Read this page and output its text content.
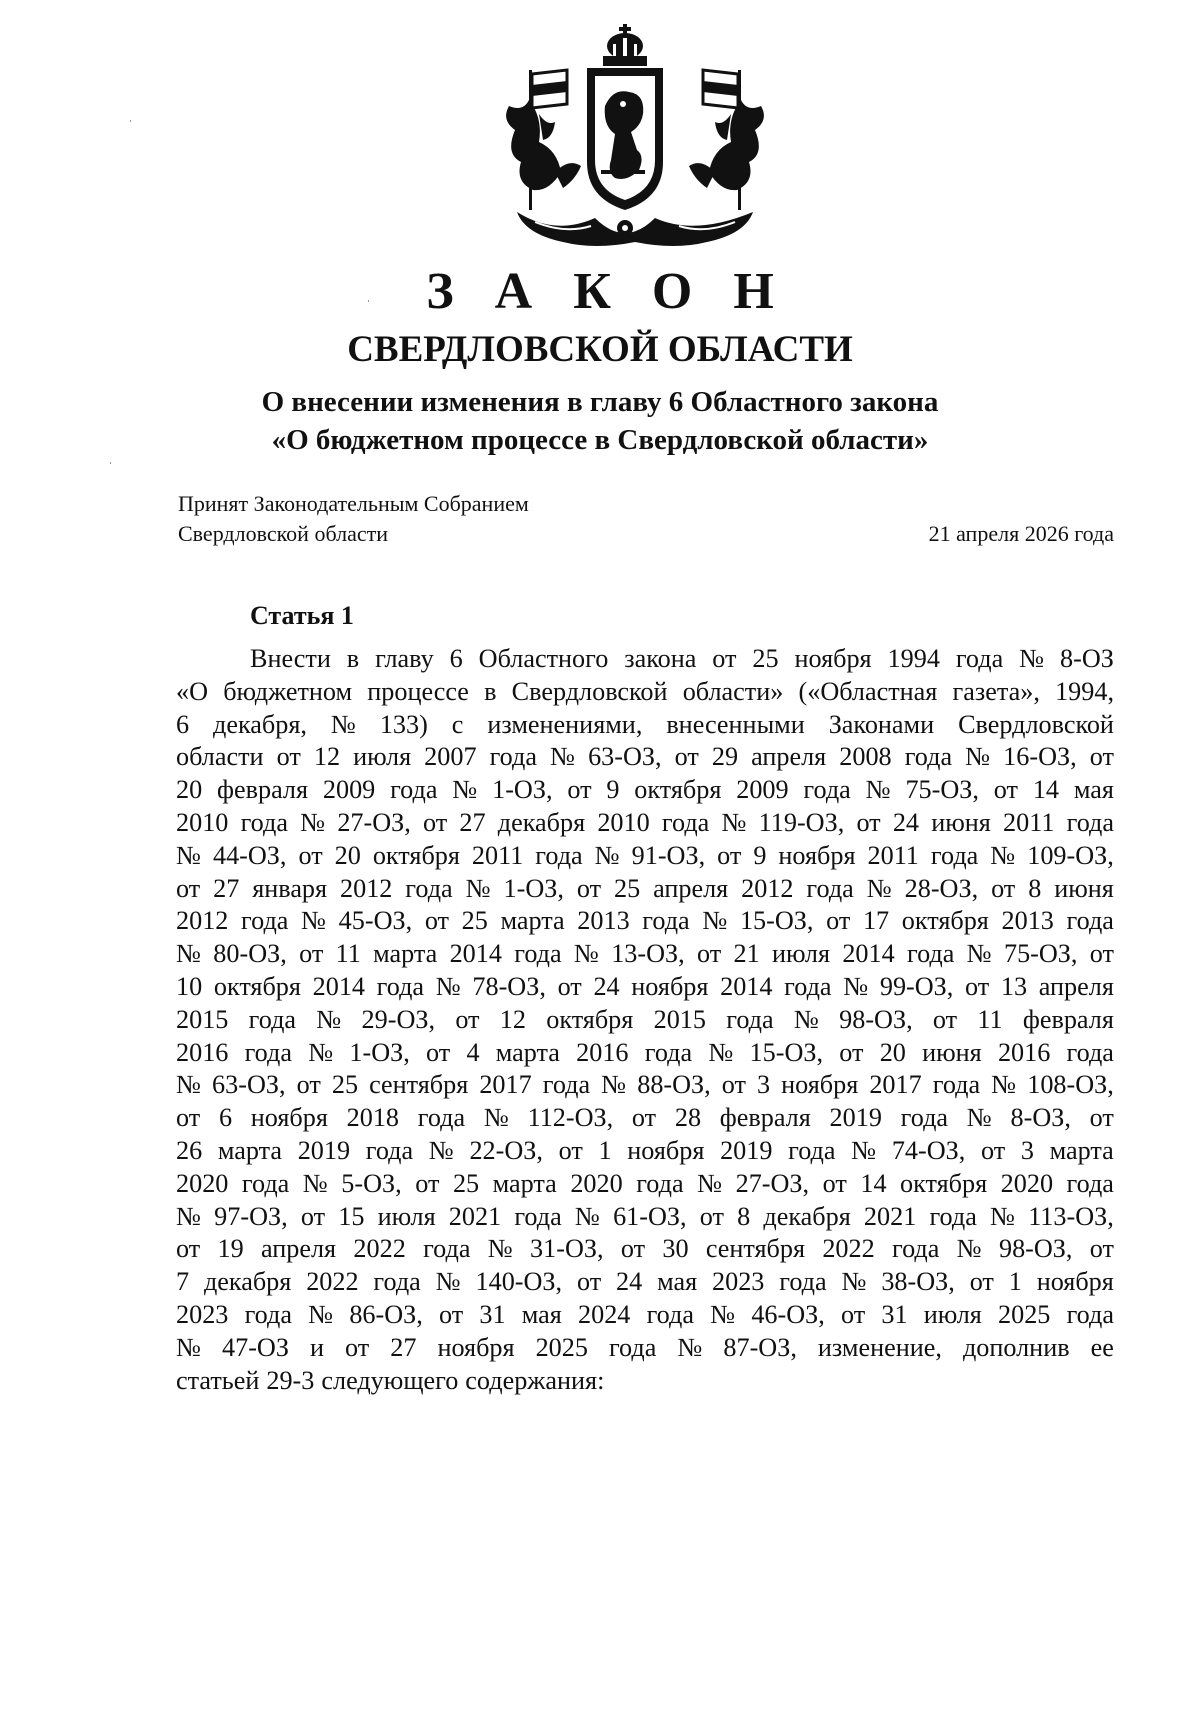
З А К О Н
СВЕРДЛОВСКОЙ ОБЛАСТИ
О внесении изменения в главу 6 Областного закона
«О бюджетном процессе в Свердловской области»
Принят Законодательным Собранием
Свердловской области	21 апреля 2026 года
Статья 1
Внести в главу 6 Областного закона от 25 ноября 1994 года № 8-ОЗ
«О бюджетном процессе в Свердловской области» («Областная газета», 1994,
6 декабря, № 133) с изменениями, внесенными Законами Свердловской
области от 12 июля 2007 года № 63-ОЗ, от 29 апреля 2008 года № 16-ОЗ, от
20 февраля 2009 года № 1-ОЗ, от 9 октября 2009 года № 75-ОЗ, от 14 мая
2010 года № 27-ОЗ, от 27 декабря 2010 года № 119-ОЗ, от 24 июня 2011 года
№ 44-ОЗ, от 20 октября 2011 года № 91-ОЗ, от 9 ноября 2011 года № 109-ОЗ,
от 27 января 2012 года № 1-ОЗ, от 25 апреля 2012 года № 28-ОЗ, от 8 июня
2012 года № 45-ОЗ, от 25 марта 2013 года № 15-ОЗ, от 17 октября 2013 года
№ 80-ОЗ, от 11 марта 2014 года № 13-ОЗ, от 21 июля 2014 года № 75-ОЗ, от
10 октября 2014 года № 78-ОЗ, от 24 ноября 2014 года № 99-ОЗ, от 13 апреля
2015 года № 29-ОЗ, от 12 октября 2015 года № 98-ОЗ, от 11 февраля
2016 года № 1-ОЗ, от 4 марта 2016 года № 15-ОЗ, от 20 июня 2016 года
№ 63-ОЗ, от 25 сентября 2017 года № 88-ОЗ, от 3 ноября 2017 года № 108-ОЗ,
от 6 ноября 2018 года № 112-ОЗ, от 28 февраля 2019 года № 8-ОЗ, от
26 марта 2019 года № 22-ОЗ, от 1 ноября 2019 года № 74-ОЗ, от 3 марта
2020 года № 5-ОЗ, от 25 марта 2020 года № 27-ОЗ, от 14 октября 2020 года
№ 97-ОЗ, от 15 июля 2021 года № 61-ОЗ, от 8 декабря 2021 года № 113-ОЗ,
от 19 апреля 2022 года № 31-ОЗ, от 30 сентября 2022 года № 98-ОЗ, от
7 декабря 2022 года № 140-ОЗ, от 24 мая 2023 года № 38-ОЗ, от 1 ноября
2023 года № 86-ОЗ, от 31 мая 2024 года № 46-ОЗ, от 31 июля 2025 года
№ 47-ОЗ и от 27 ноября 2025 года № 87-ОЗ, изменение, дополнив ее
статьей 29-3 следующего содержания:
